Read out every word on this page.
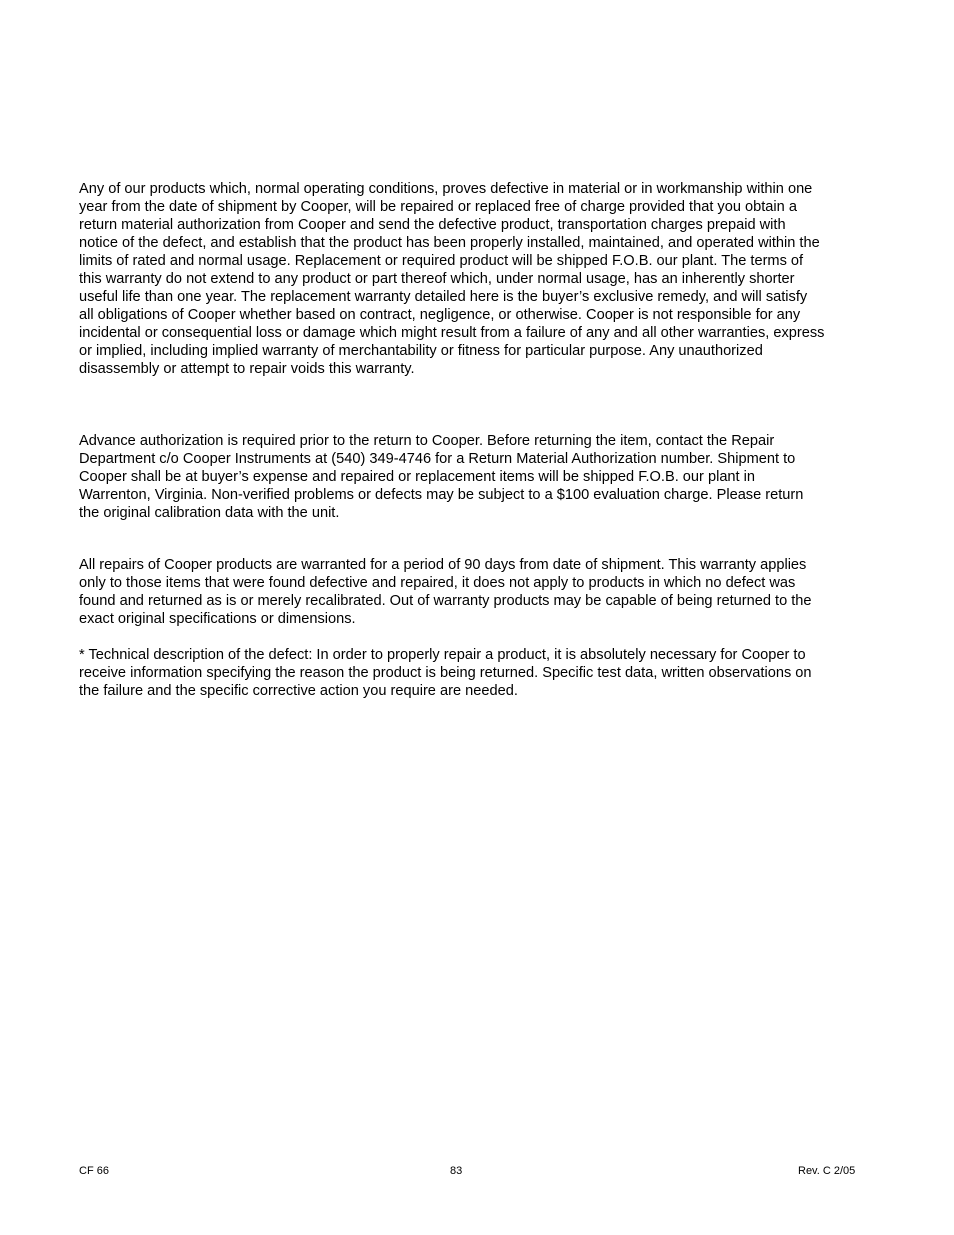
Any of our products which, normal operating conditions, proves defective in material or in workmanship within one
year from the date of shipment by Cooper, will be repaired or replaced free of charge provided that you obtain a
return material authorization from Cooper and send the defective product, transportation charges prepaid with
notice of the defect, and establish that the product has been properly installed, maintained, and operated within the
limits of rated and normal usage. Replacement or required product will be shipped F.O.B. our plant. The terms of
this warranty do not extend to any product or part thereof which, under normal usage, has an inherently shorter
useful life than one year. The replacement warranty detailed here is the buyer’s exclusive remedy, and will satisfy
all obligations of Cooper whether based on contract, negligence, or otherwise. Cooper is not responsible for any
incidental or consequential loss or damage which might result from a failure of any and all other warranties, express
or implied, including implied warranty of merchantability or fitness for particular purpose. Any unauthorized
disassembly or attempt to repair voids this warranty.

Advance authorization is required prior to the return to Cooper. Before returning the item, contact the Repair
Department c/o Cooper Instruments at (540) 349-4746 for a Return Material Authorization number. Shipment to
Cooper shall be at buyer’s expense and repaired or replacement items will be shipped F.O.B. our plant in
Warrenton, Virginia. Non-verified problems or defects may be subject to a $100 evaluation charge. Please return
the original calibration data with the unit.

All repairs of Cooper products are warranted for a period of 90 days from date of shipment. This warranty applies
only to those items that were found defective and repaired, it does not apply to products in which no defect was
found and returned as is or merely recalibrated. Out of warranty products may be capable of being returned to the
exact original specifications or dimensions.

* Technical description of the defect: In order to properly repair a product, it is absolutely necessary for Cooper to
receive information specifying the reason the product is being returned. Specific test data, written observations on
the failure and the specific corrective action you require are needed.

CF 66	83	Rev. C 2/05
